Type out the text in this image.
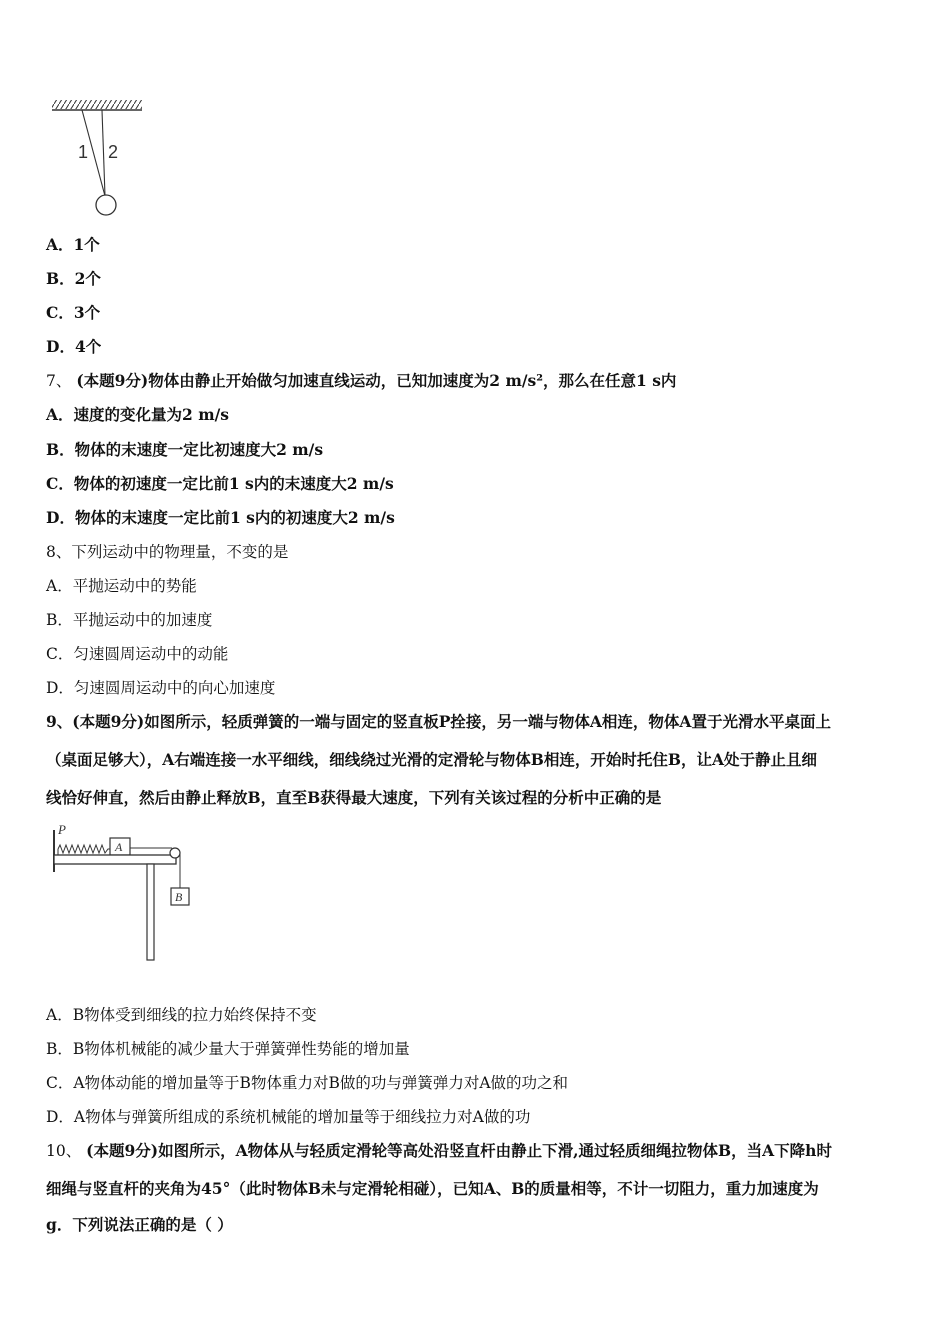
1 2
A．1个
B．2个
C．3个
D．4个
7、 (本题9分)物体由静止开始做匀加速直线运动，已知加速度为2 m/s²，那么在任意1 s内
A．速度的变化量为2 m/s
B．物体的末速度一定比初速度大2 m/s
C．物体的初速度一定比前1 s内的末速度大2 m/s
D．物体的末速度一定比前1 s内的初速度大2 m/s
8、下列运动中的物理量，不变的是
A．平抛运动中的势能
B．平抛运动中的加速度
C．匀速圆周运动中的动能
D．匀速圆周运动中的向心加速度
9、(本题9分)如图所示，轻质弹簧的一端与固定的竖直板P拴接，另一端与物体A相连，物体A置于光滑水平桌面上
（桌面足够大），A右端连接一水平细线，细线绕过光滑的定滑轮与物体B相连，开始时托住B，让A处于静止且细
线恰好伸直，然后由静止释放B，直至B获得最大速度，下列有关该过程的分析中正确的是
P
A
B
A．B物体受到细线的拉力始终保持不变
B．B物体机械能的减少量大于弹簧弹性势能的增加量
C．A物体动能的增加量等于B物体重力对B做的功与弹簧弹力对A做的功之和
D．A物体与弹簧所组成的系统机械能的增加量等于细线拉力对A做的功
10、 (本题9分)如图所示，A物体从与轻质定滑轮等高处沿竖直杆由静止下滑,通过轻质细绳拉物体B，当A下降h时
细绳与竖直杆的夹角为45°（此时物体B未与定滑轮相碰），已知A、B的质量相等，不计一切阻力，重力加速度为
g．下列说法正确的是（ ）
